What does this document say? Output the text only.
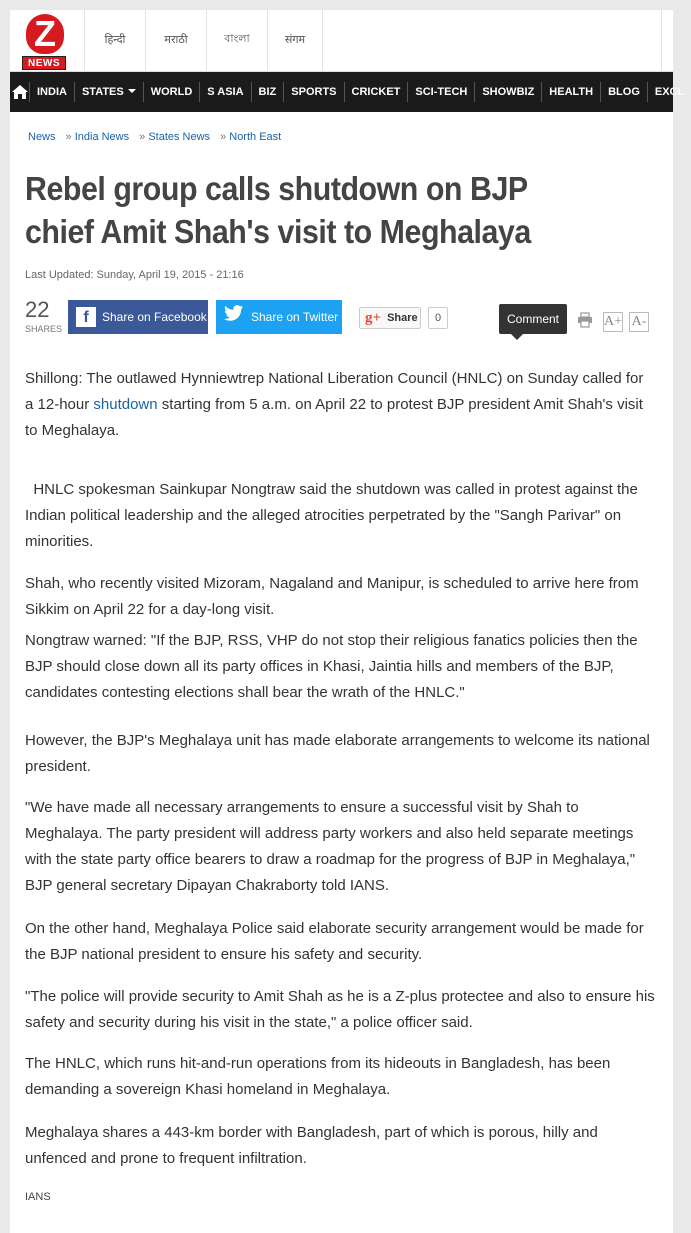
Z
NEWS
हिन्दी	मराठी	বাংলা	संगम
INDIA	STATES	WORLD	S ASIA	BIZ	SPORTS	CRICKET	SCI-TECH	SHOWBIZ	HEALTH	BLOG	EXCL
News »
India News »
States News »
North East
Rebel group calls shutdown on BJP chief Amit Shah's visit to Meghalaya
Last Updated: Sunday, April 19, 2015 - 21:16
22
SHARES
f	Share on Facebook	Share on Twitter g+ Share	0	Comment	A+ A-

Shillong: The outlawed Hynniewtrep National Liberation Council (HNLC) on Sunday called for a 12-hour shutdown starting from 5 a.m. on April 22 to protest BJP president Amit Shah's visit to Meghalaya.

HNLC spokesman Sainkupar Nongtraw said the shutdown was called in protest against the Indian political leadership and the alleged atrocities perpetrated by the "Sangh Parivar" on minorities.

Shah, who recently visited Mizoram, Nagaland and Manipur, is scheduled to arrive here from Sikkim on April 22 for a day-long visit.

Nongtraw warned: "If the BJP, RSS, VHP do not stop their religious fanatics policies then the BJP should close down all its party offices in Khasi, Jaintia hills and members of the BJP, candidates contesting elections shall bear the wrath of the HNLC."

However, the BJP's Meghalaya unit has made elaborate arrangements to welcome its national president.

"We have made all necessary arrangements to ensure a successful visit by Shah to Meghalaya. The party president will address party workers and also held separate meetings with the state party office bearers to draw a roadmap for the progress of BJP in Meghalaya," BJP general secretary Dipayan Chakraborty told IANS.

On the other hand, Meghalaya Police said elaborate security arrangement would be made for the BJP national president to ensure his safety and security.

"The police will provide security to Amit Shah as he is a Z-plus protectee and also to ensure his safety and security during his visit in the state," a police officer said.

The HNLC, which runs hit-and-run operations from its hideouts in Bangladesh, has been demanding a sovereign Khasi homeland in Meghalaya.

Meghalaya shares a 443-km border with Bangladesh, part of which is porous, hilly and unfenced and prone to frequent infiltration.

IANS
